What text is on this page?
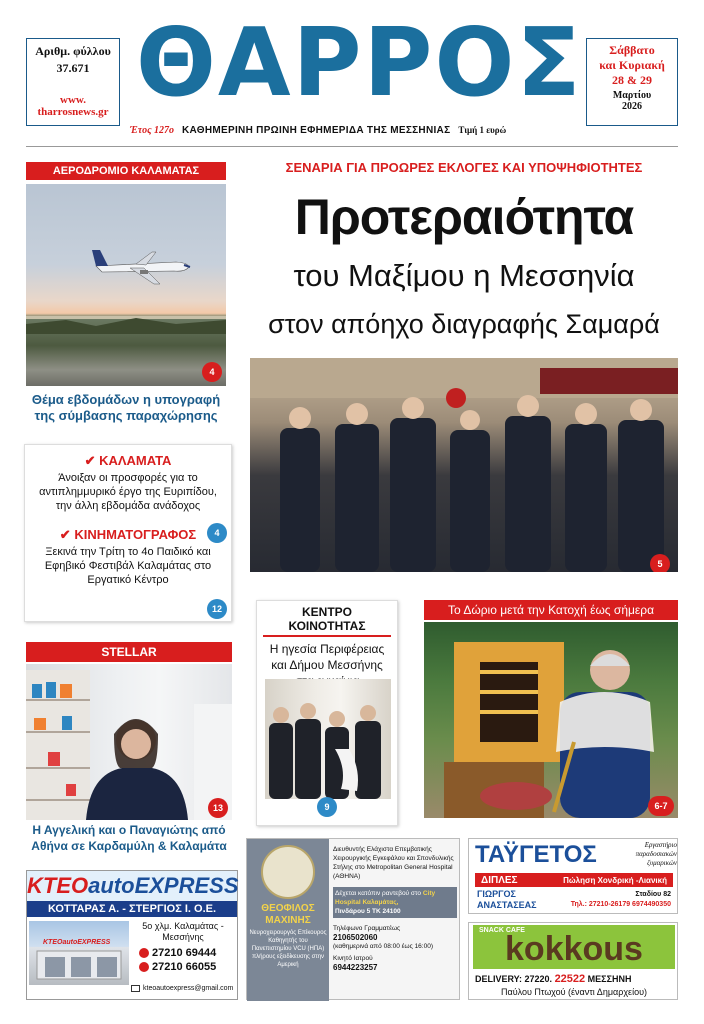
Αριθμ. φύλλου
37.671
www.
tharrosnews.gr ΘΑΡΡΟΣ
Έτος 127ο ΚΑΘΗΜΕΡΙΝΗ ΠΡΩΙΝΗ ΕΦΗΜΕΡΙΔΑ ΤΗΣ ΜΕΣΣΗΝΙΑΣ Τιμή 1 ευρώ
Σάββατο
και Κυριακή
28 & 29
Μαρτίου
2026
ΑΕΡΟΔΡΟΜΙΟ ΚΑΛΑΜΑΤΑΣ
4
Θέμα εβδομάδων η υπογραφή της σύμβασης παραχώρησης
ΣΕΝΑΡΙΑ ΓΙΑ ΠΡΟΩΡΕΣ ΕΚΛΟΓΕΣ ΚΑΙ ΥΠΟΨΗΦΙΟΤΗΤΕΣ
Προτεραιότητα
του Μαξίμου η Μεσσηνία
στον απόηχο διαγραφής Σαμαρά
5
✔ ΚΑΛΑΜΑΤΑ
Άνοιξαν οι προσφορές για το αντιπλημμυρικό έργο της Ευριπίδου, την άλλη εβδομάδα ανάδοχος
4
✔ ΚΙΝΗΜΑΤΟΓΡΑΦΟΣ
Ξεκινά την Τρίτη το 4ο Παιδικό και Εφηβικό Φεστιβάλ Καλαμάτας στο Εργατικό Κέντρο
12	ΚΕΝΤΡΟ ΚΟΙΝΟΤΗΤΑΣ
Η ηγεσία Περιφέρειας και Δήμου Μεσσήνης
9
Το Δώριο μετά την Κατοχή έως σήμερα
6-7
STELLAR
13
Η Αγγελική και ο Παναγιώτης από Αθήνα σε Καρδαμύλη & Καλαμάτα
ΚΤΕΟautoEXPRESS
ΚΟΤΤΑΡΑΣ Α. - ΣΤΕΡΓΙΟΣ Ι. Ο.Ε.
ΚΤΕΟautoEXPRESS
5ο χλμ. Καλαμάτας - Μεσσήνης
27210 69444
27210 66055
kteoautoexpress@gmail.com
ΘΕΟΦΙΛΟΣ ΜΑΧΙΝΗΣ
Νευροχειρουργός Επίκουρος Καθηγητής του Πανεπιστημίου VCU (ΗΠΑ) πλήρους εξειδίκευσης στην Αμερική
Διευθυντής Ελάχιστα Επεμβατικής Χειρουργικής Εγκεφάλου και Σπονδυλικής Στήλης στο Metropolitan General Hospital (ΑΘΗΝΑ)
Δέχεται κατόπιν ραντεβού στο City Hospital Καλαμάτας,
Πινδάρου 5 ΤΚ 24100
Τηλέφωνο Γραμματέως
2106502060
(καθημερινά από 08:00 έως 16:00)
Κινητό Ιατρού
6944223257
ΤΑΫΓΕΤΟΣ	Εργαστήριο παραδοσιακών ζυμαρικών
ΔΙΠΛΕΣ	Πώληση Χονδρική -Λιανική
ΓΙΩΡΓΟΣ
ΑΝΑΣΤΑΣΕΑΣ
Σταδίου 82
Τηλ.: 27210-26179 6974490350
SNACK CAFE
kokkous
DELIVERY: 27220. 22522 ΜΕΣΣΗΝΗ
Παύλου Πτωχού (έναντι Δημαρχείου)
